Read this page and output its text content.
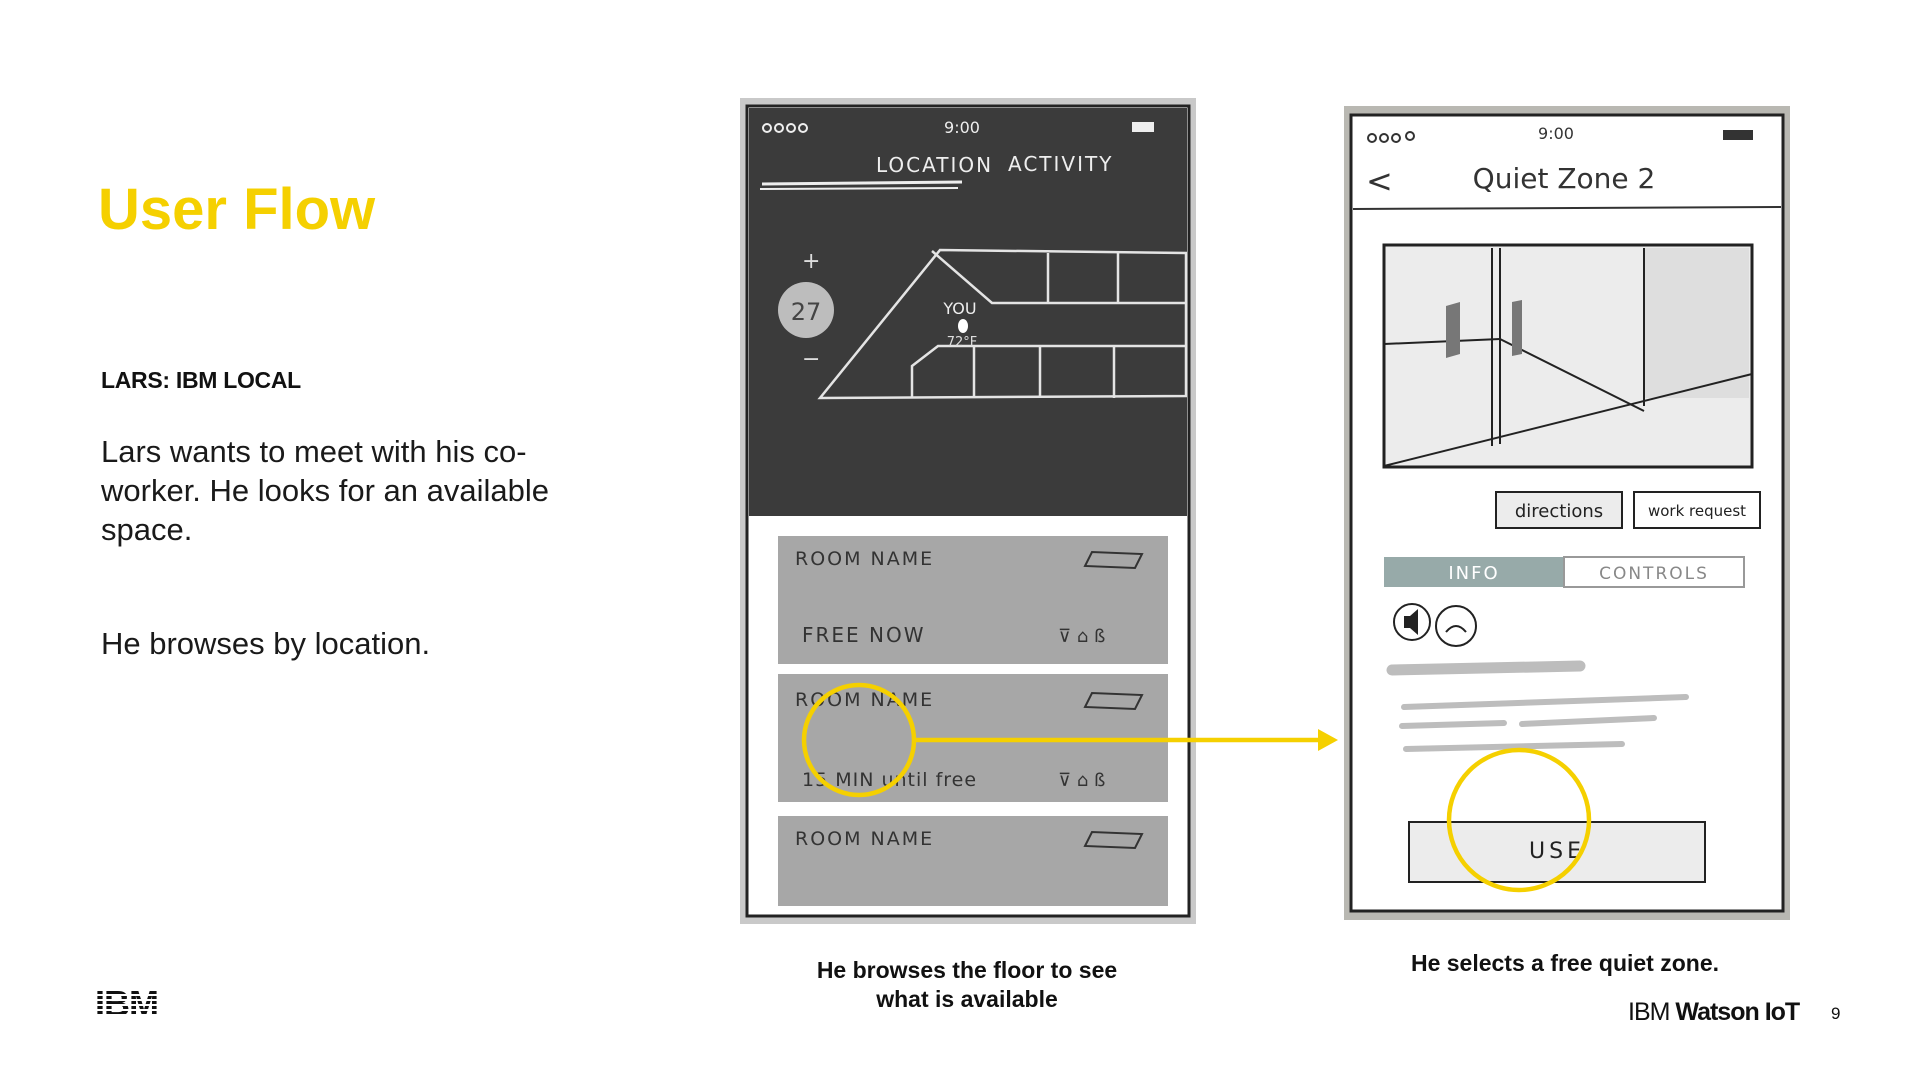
User Flow
LARS: IBM LOCAL
Lars wants to meet with his co-worker. He looks for an available space.
He browses by location.
IBM
9:00
LOCATION ACTIVITY
+
27
−
YOU
72°F
ROOM NAME
FREE NOW	⊽ ⌂ ß
ROOM NAME
15 MIN until free	⊽ ⌂ ß
ROOM NAME
9:00
<	Quiet Zone 2
directions	work request
INFO	CONTROLS
USE
He browses the floor to see
what is available
He selects a free quiet zone.
IBM Watson IoT 9
